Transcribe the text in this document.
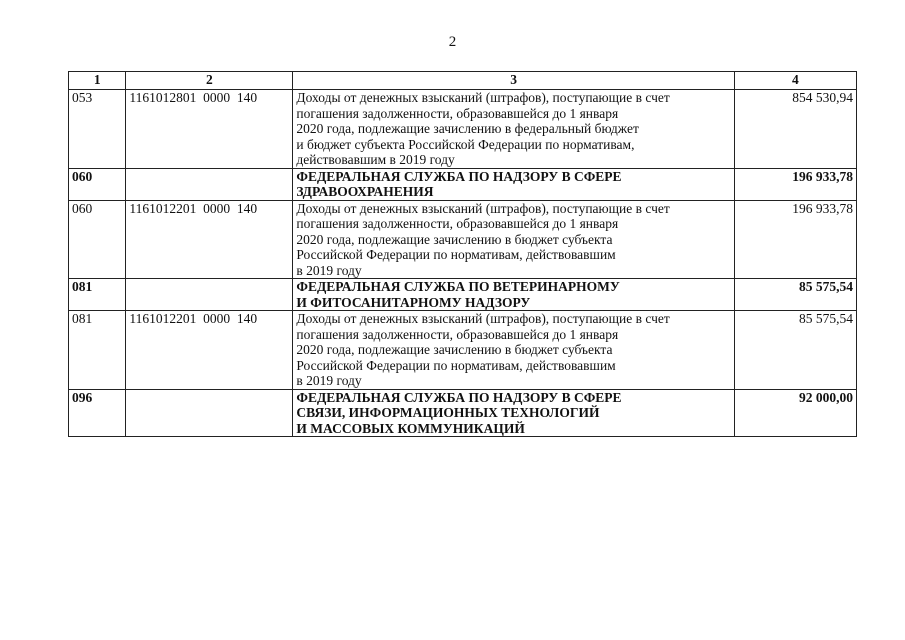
2
1	2	3	4
053	1161012801  0000  140	Доходы от денежных взысканий (штрафов), поступающие в счет
погашения задолженности, образовавшейся до 1 января
2020 года, подлежащие зачислению в федеральный бюджет
и бюджет субъекта Российской Федерации по нормативам,
действовавшим в 2019 году	854 530,94
060		ФЕДЕРАЛЬНАЯ СЛУЖБА ПО НАДЗОРУ В СФЕРЕ
ЗДРАВООХРАНЕНИЯ	196 933,78
060	1161012201  0000  140	Доходы от денежных взысканий (штрафов), поступающие в счет
погашения задолженности, образовавшейся до 1 января
2020 года, подлежащие зачислению в бюджет субъекта
Российской Федерации по нормативам, действовавшим
в 2019 году	196 933,78
081		ФЕДЕРАЛЬНАЯ СЛУЖБА ПО ВЕТЕРИНАРНОМУ
И ФИТОСАНИТАРНОМУ НАДЗОРУ	85 575,54
081	1161012201  0000  140	Доходы от денежных взысканий (штрафов), поступающие в счет
погашения задолженности, образовавшейся до 1 января
2020 года, подлежащие зачислению в бюджет субъекта
Российской Федерации по нормативам, действовавшим
в 2019 году	85 575,54
096		ФЕДЕРАЛЬНАЯ СЛУЖБА ПО НАДЗОРУ В СФЕРЕ
СВЯЗИ, ИНФОРМАЦИОННЫХ ТЕХНОЛОГИЙ
И МАССОВЫХ КОММУНИКАЦИЙ	92 000,00
